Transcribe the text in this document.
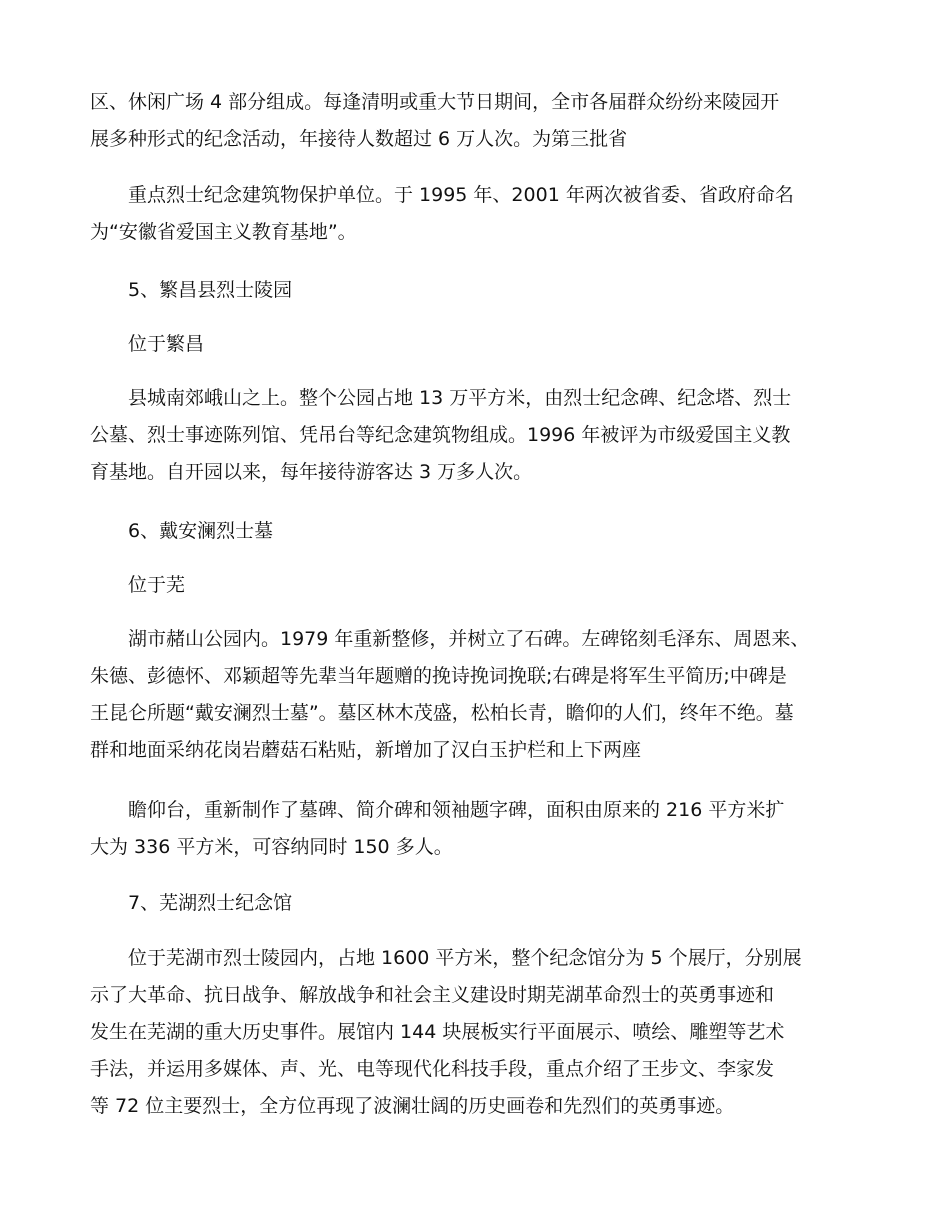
区、休闲广场 4 部分组成。每逢清明或重大节日期间，全市各届群众纷纷来陵园开
展多种形式的纪念活动，年接待人数超过 6 万人次。为第三批省

重点烈士纪念建筑物保护单位。于 1995 年、2001 年两次被省委、省政府命名
为“安徽省爱国主义教育基地”。

5、繁昌县烈士陵园

位于繁昌

县城南郊峨山之上。整个公园占地 13 万平方米，由烈士纪念碑、纪念塔、烈士
公墓、烈士事迹陈列馆、凭吊台等纪念建筑物组成。1996 年被评为市级爱国主义教
育基地。自开园以来，每年接待游客达 3 万多人次。

6、戴安澜烈士墓

位于芜

湖市赭山公园内。1979 年重新整修，并树立了石碑。左碑铭刻毛泽东、周恩来、
朱德、彭德怀、邓颖超等先辈当年题赠的挽诗挽词挽联;右碑是将军生平简历;中碑是
王昆仑所题“戴安澜烈士墓”。墓区林木茂盛，松柏长青，瞻仰的人们，终年不绝。墓
群和地面采纳花岗岩蘑菇石粘贴，新增加了汉白玉护栏和上下两座

瞻仰台，重新制作了墓碑、简介碑和领袖题字碑，面积由原来的 216 平方米扩
大为 336 平方米，可容纳同时 150 多人。

7、芜湖烈士纪念馆

位于芜湖市烈士陵园内，占地 1600 平方米，整个纪念馆分为 5 个展厅，分别展
示了大革命、抗日战争、解放战争和社会主义建设时期芜湖革命烈士的英勇事迹和
发生在芜湖的重大历史事件。展馆内 144 块展板实行平面展示、喷绘、雕塑等艺术
手法，并运用多媒体、声、光、电等现代化科技手段，重点介绍了王步文、李家发
等 72 位主要烈士，全方位再现了波澜壮阔的历史画卷和先烈们的英勇事迹。
